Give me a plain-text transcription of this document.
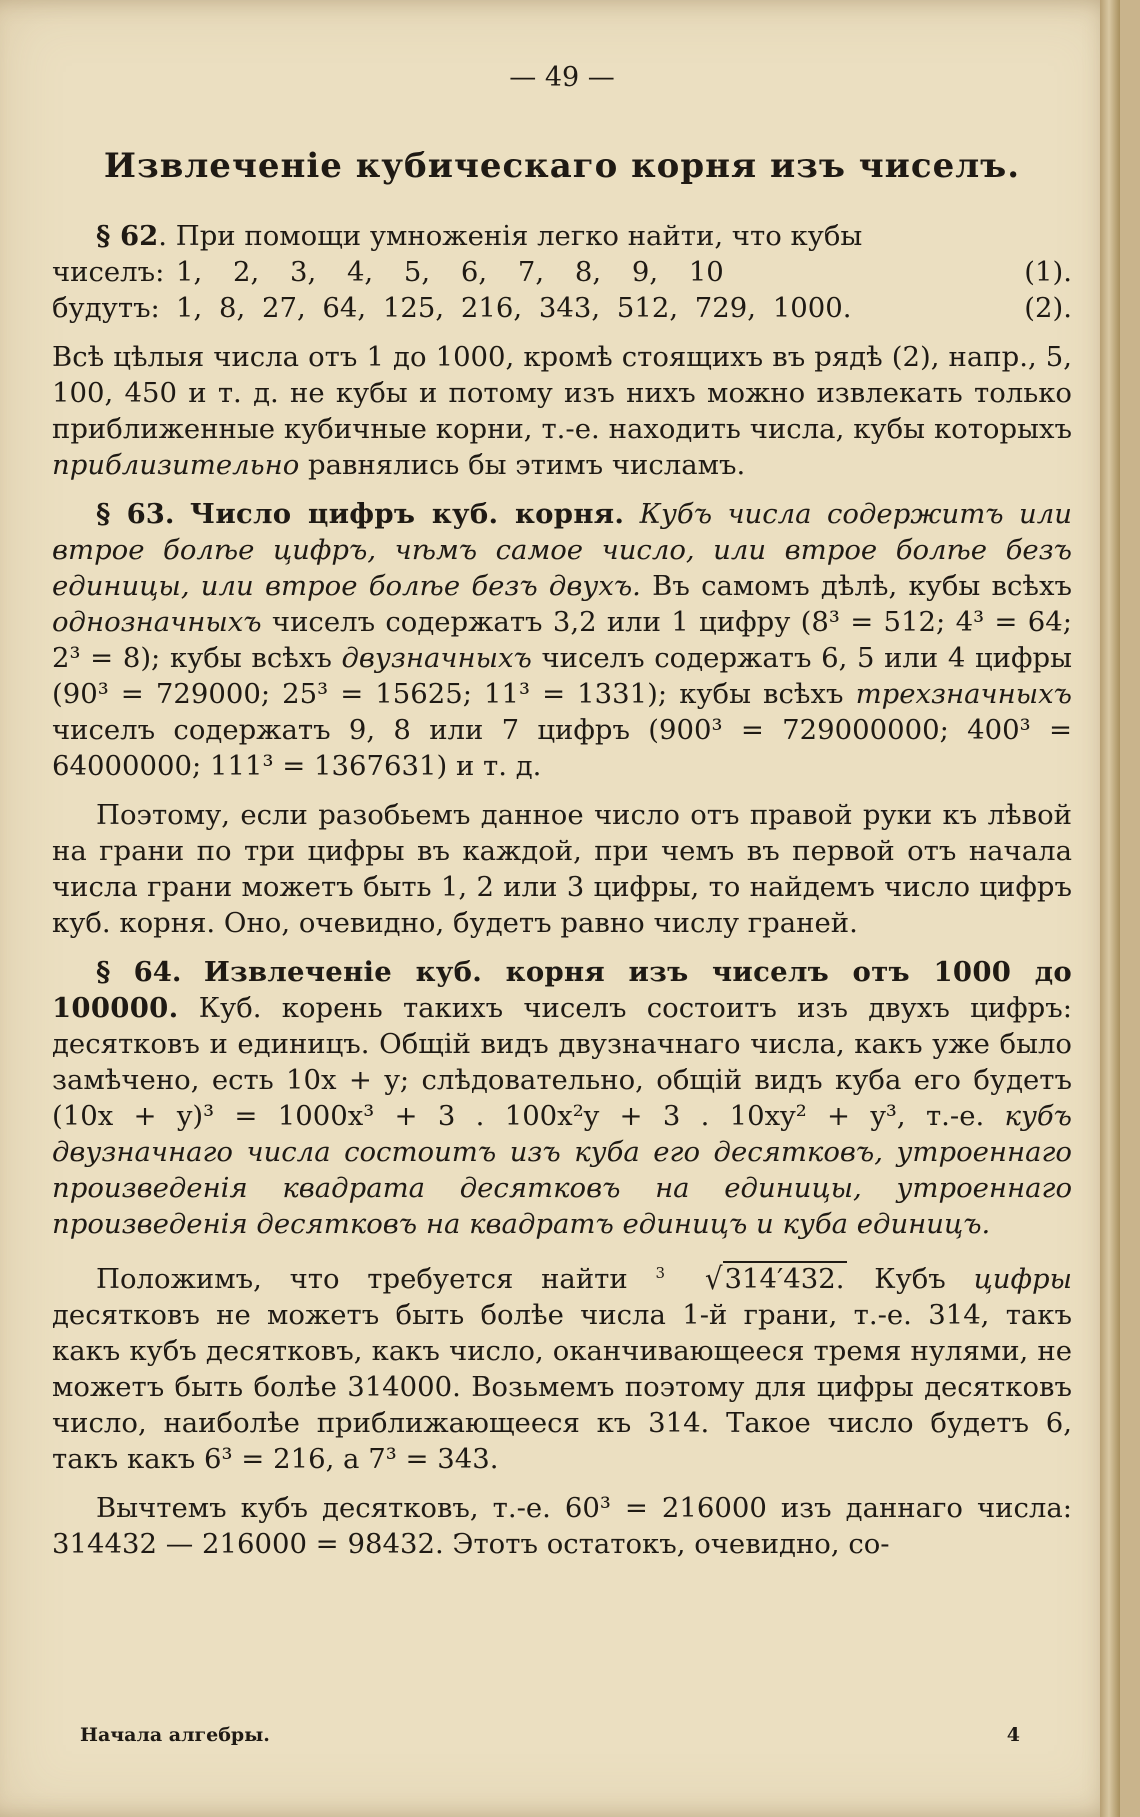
— 49 —
Извлеченіе кубическаго корня изъ чиселъ.
§ 62. При помощи умноженія легко найти, что кубы
чиселъ: 1, 2, 3, 4, 5, 6, 7, 8, 9, 10	(1).
будутъ: 1, 8, 27, 64, 125, 216, 343, 512, 729, 1000.	(2).

Всѣ цѣлыя числа отъ 1 до 1000, кромѣ стоящихъ въ рядѣ (2), напр., 5, 100, 450 и т. д. не кубы и потому изъ нихъ можно извлекать только приближенные кубичные корни, т.-е. находить числа, кубы которыхъ приблизительно равнялись бы этимъ числамъ.

§ 63. Число цифръ куб. корня. Кубъ числа содержитъ или втрое болѣе цифръ, чѣмъ самое число, или втрое болѣе безъ единицы, или втрое болѣе безъ двухъ. Въ самомъ дѣлѣ, кубы всѣхъ однозначныхъ чиселъ содержатъ 3,2 или 1 цифру (8³ = 512; 4³ = 64; 2³ = 8); кубы всѣхъ двузначныхъ чиселъ содержатъ 6, 5 или 4 цифры (90³ = 729000; 25³ = 15625; 11³ = 1331); кубы всѣхъ трехзначныхъ чиселъ содержатъ 9, 8 или 7 цифръ (900³ = 729000000; 400³ = 64000000; 111³ = 1367631) и т. д.

Поэтому, если разобьемъ данное число отъ правой руки къ лѣвой на грани по три цифры въ каждой, при чемъ въ первой отъ начала числа грани можетъ быть 1, 2 или 3 цифры, то найдемъ число цифръ куб. корня. Оно, очевидно, будетъ равно числу граней.

§ 64. Извлеченіе куб. корня изъ чиселъ отъ 1000 до 100000. Куб. корень такихъ чиселъ состоитъ изъ двухъ цифръ: десятковъ и единицъ. Общій видъ двузначнаго числа, какъ уже было замѣчено, есть 10x + y; слѣдовательно, общій видъ куба его будетъ (10x + y)³ = 1000x³ + 3 . 100x²y + 3 . 10xy² + y³, т.-е. кубъ двузначнаго числа состоитъ изъ куба его десятковъ, утроеннаго произведенія квадрата десятковъ на единицы, утроеннаго произведенія десятковъ на квадратъ единицъ и куба единицъ.

Положимъ, что требуется найти $^3$ √314′432. Кубъ цифры десятковъ не можетъ быть болѣе числа 1-й грани, т.-е. 314, такъ какъ кубъ десятковъ, какъ число, оканчивающееся тремя нулями, не можетъ быть болѣе 314000. Возьмемъ поэтому для цифры десятковъ число, наиболѣе приближающееся къ 314. Такое число будетъ 6, такъ какъ 6³ = 216, а 7³ = 343.

Вычтемъ кубъ десятковъ, т.-е. 60³ = 216000 изъ даннаго числа: 314432 — 216000 = 98432. Этотъ остатокъ, очевидно, со-

Начала алгебры.	4
